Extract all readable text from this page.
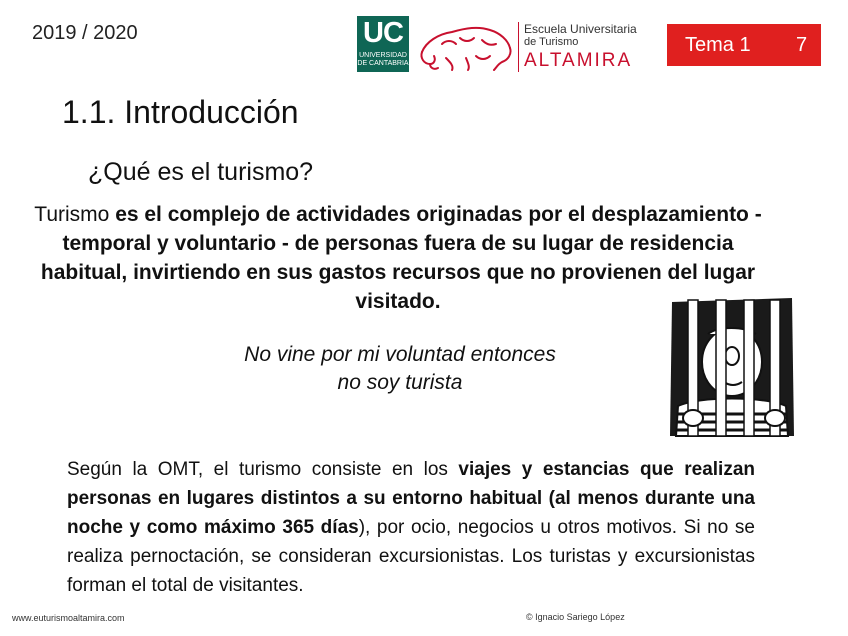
2019 / 2020	UC
UNIVERSIDAD DE CANTABRIA
Escuela Universitaria
de Turismo
ALTAMIRA
Tema 1 7
1.1. Introducción
¿Qué es el turismo?
Turismo es el complejo de actividades originadas por el desplazamiento - temporal y voluntario - de personas fuera de su lugar de residencia habitual, invirtiendo en sus gastos recursos que no provienen del lugar visitado.
No vine por mi voluntad entonces
no soy turista
Según la OMT, el turismo consiste en los viajes y estancias que realizan personas en lugares distintos a su entorno habitual (al menos durante una noche y como máximo 365 días), por ocio, negocios u otros motivos. Si no se realiza pernoctación, se consideran excursionistas. Los turistas y excursionistas forman el total de visitantes.
www.euturismoaltamira.com	© Ignacio Sariego López
